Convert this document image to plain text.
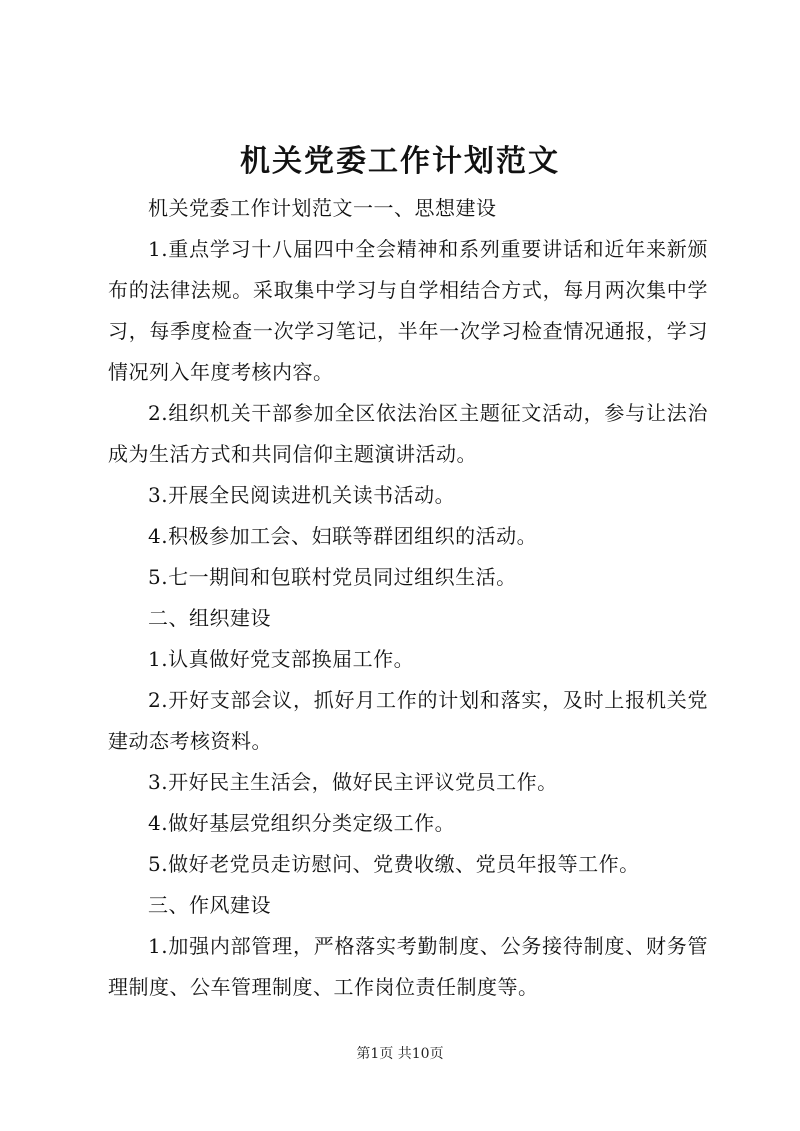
机关党委工作计划范文

机关党委工作计划范文一一、思想建设

1.重点学习十八届四中全会精神和系列重要讲话和近年来新颁布的法律法规。采取集中学习与自学相结合方式，每月两次集中学习，每季度检查一次学习笔记，半年一次学习检查情况通报，学习情况列入年度考核内容。

2.组织机关干部参加全区依法治区主题征文活动，参与让法治成为生活方式和共同信仰主题演讲活动。

3.开展全民阅读进机关读书活动。

4.积极参加工会、妇联等群团组织的活动。

5.七一期间和包联村党员同过组织生活。

二、组织建设

1.认真做好党支部换届工作。

2.开好支部会议，抓好月工作的计划和落实，及时上报机关党建动态考核资料。

3.开好民主生活会，做好民主评议党员工作。

4.做好基层党组织分类定级工作。

5.做好老党员走访慰问、党费收缴、党员年报等工作。

三、作风建设

1.加强内部管理，严格落实考勤制度、公务接待制度、财务管理制度、公车管理制度、工作岗位责任制度等。

第1页 共10页
